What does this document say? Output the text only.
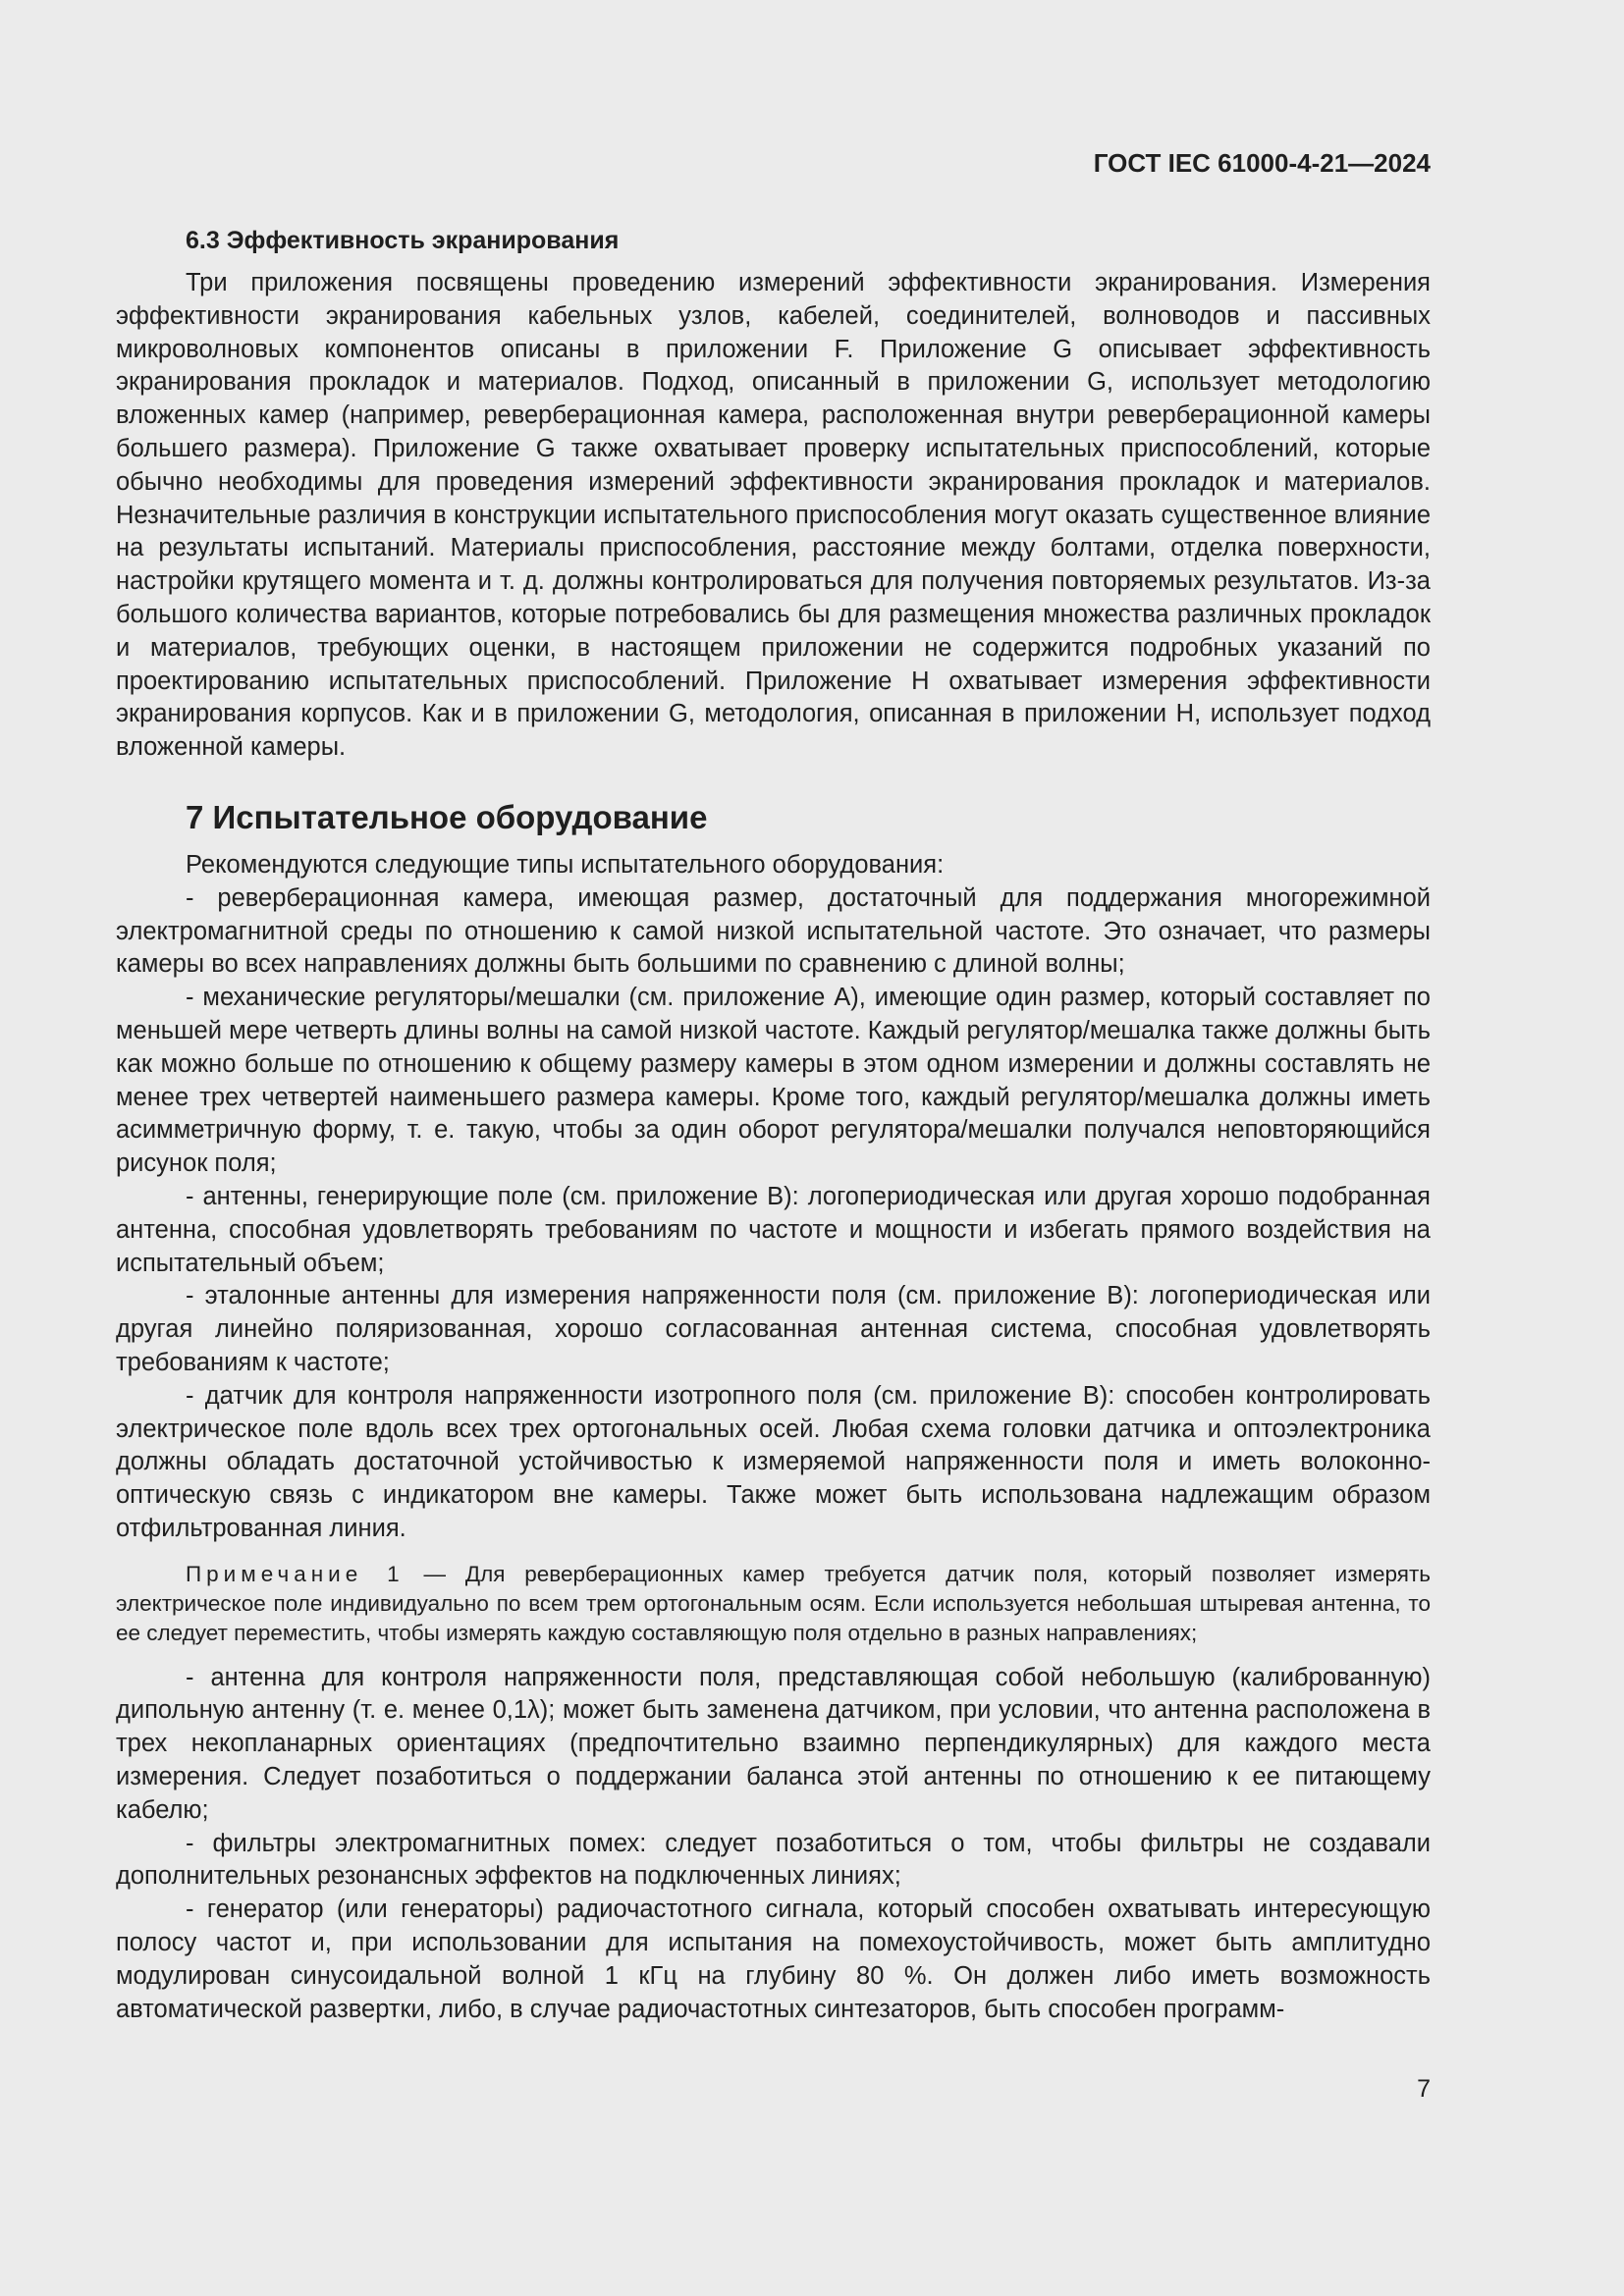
ГОСТ IEC 61000-4-21—2024
6.3 Эффективность экранирования

Три приложения посвящены проведению измерений эффективности экранирования. Измерения эффективности экранирования кабельных узлов, кабелей, соединителей, волноводов и пассивных микроволновых компонентов описаны в приложении F. Приложение G описывает эффективность экранирования прокладок и материалов. Подход, описанный в приложении G, использует методологию вложенных камер (например, реверберационная камера, расположенная внутри реверберационной камеры большего размера). Приложение G также охватывает проверку испытательных приспособлений, которые обычно необходимы для проведения измерений эффективности экранирования прокладок и материалов. Незначительные различия в конструкции испытательного приспособления могут оказать существенное влияние на результаты испытаний. Материалы приспособления, расстояние между болтами, отделка поверхности, настройки крутящего момента и т. д. должны контролироваться для получения повторяемых результатов. Из-за большого количества вариантов, которые потребовались бы для размещения множества различных прокладок и материалов, требующих оценки, в настоящем приложении не содержится подробных указаний по проектированию испытательных приспособлений. Приложение Н охватывает измерения эффективности экранирования корпусов. Как и в приложении G, методология, описанная в приложении Н, использует подход вложенной камеры.

7 Испытательное оборудование

Рекомендуются следующие типы испытательного оборудования:

- реверберационная камера, имеющая размер, достаточный для поддержания многорежимной электромагнитной среды по отношению к самой низкой испытательной частоте. Это означает, что размеры камеры во всех направлениях должны быть большими по сравнению с длиной волны;

- механические регуляторы/мешалки (см. приложение А), имеющие один размер, который составляет по меньшей мере четверть длины волны на самой низкой частоте. Каждый регулятор/мешалка также должны быть как можно больше по отношению к общему размеру камеры в этом одном измерении и должны составлять не менее трех четвертей наименьшего размера камеры. Кроме того, каждый регулятор/мешалка должны иметь асимметричную форму, т. е. такую, чтобы за один оборот регулятора/мешалки получался неповторяющийся рисунок поля;

- антенны, генерирующие поле (см. приложение В): логопериодическая или другая хорошо подобранная антенна, способная удовлетворять требованиям по частоте и мощности и избегать прямого воздействия на испытательный объем;

- эталонные антенны для измерения напряженности поля (см. приложение В): логопериодическая или другая линейно поляризованная, хорошо согласованная антенная система, способная удовлетворять требованиям к частоте;

- датчик для контроля напряженности изотропного поля (см. приложение В): способен контролировать электрическое поле вдоль всех трех ортогональных осей. Любая схема головки датчика и оптоэлектроника должны обладать достаточной устойчивостью к измеряемой напряженности поля и иметь волоконно-оптическую связь с индикатором вне камеры. Также может быть использована надлежащим образом отфильтрованная линия.

Примечание 1 — Для реверберационных камер требуется датчик поля, который позволяет измерять электрическое поле индивидуально по всем трем ортогональным осям. Если используется небольшая штыревая антенна, то ее следует переместить, чтобы измерять каждую составляющую поля отдельно в разных направлениях;

- антенна для контроля напряженности поля, представляющая собой небольшую (калиброванную) дипольную антенну (т. е. менее 0,1λ); может быть заменена датчиком, при условии, что антенна расположена в трех некопланарных ориентациях (предпочтительно взаимно перпендикулярных) для каждого места измерения. Следует позаботиться о поддержании баланса этой антенны по отношению к ее питающему кабелю;

- фильтры электромагнитных помех: следует позаботиться о том, чтобы фильтры не создавали дополнительных резонансных эффектов на подключенных линиях;

- генератор (или генераторы) радиочастотного сигнала, который способен охватывать интересующую полосу частот и, при использовании для испытания на помехоустойчивость, может быть амплитудно модулирован синусоидальной волной 1 кГц на глубину 80 %. Он должен либо иметь возможность автоматической развертки, либо, в случае радиочастотных синтезаторов, быть способен программ-

7
